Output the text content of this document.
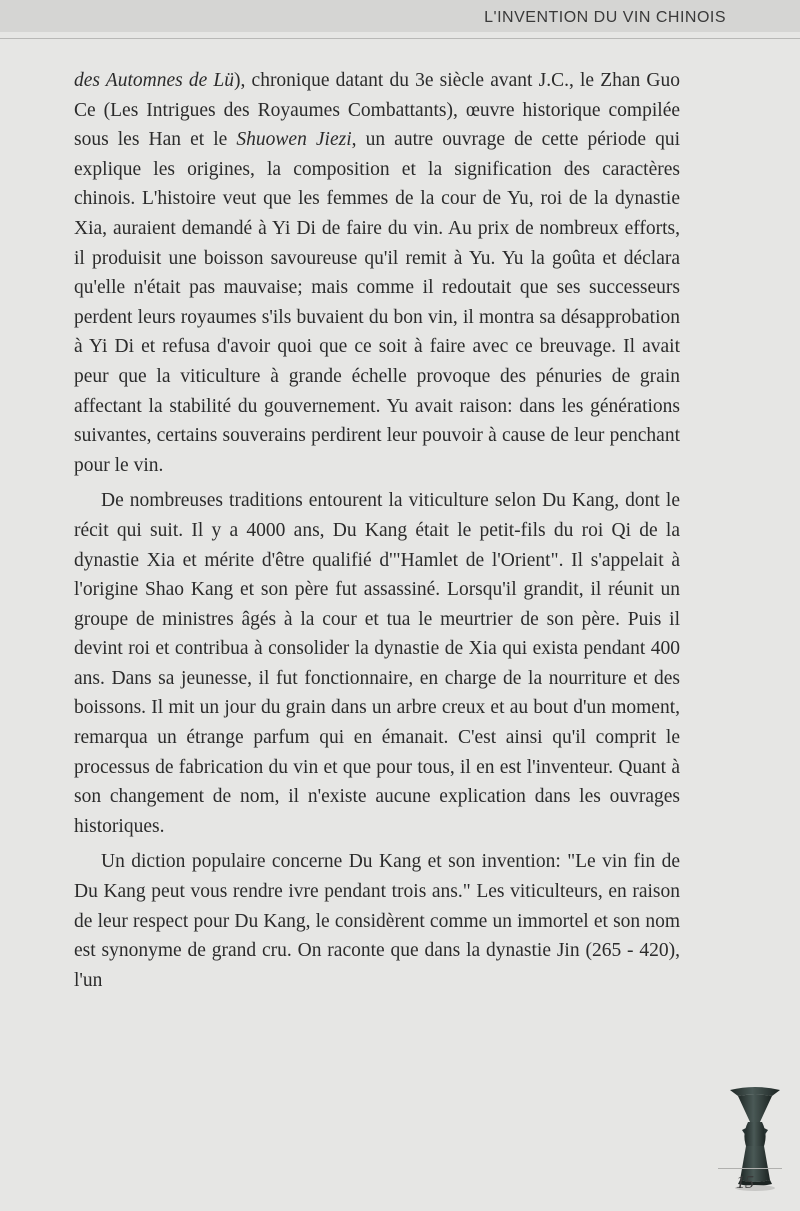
L'INVENTION DU VIN CHINOIS

des Automnes de Lü), chronique datant du 3e siècle avant J.C., le Zhan Guo Ce (Les Intrigues des Royaumes Combattants), œuvre historique compilée sous les Han et le Shuowen Jiezi, un autre ouvrage de cette période qui explique les origines, la composition et la signification des caractères chinois. L'histoire veut que les femmes de la cour de Yu, roi de la dynastie Xia, auraient demandé à Yi Di de faire du vin. Au prix de nombreux efforts, il produisit une boisson savoureuse qu'il remit à Yu. Yu la goûta et déclara qu'elle n'était pas mauvaise; mais comme il redoutait que ses successeurs perdent leurs royaumes s'ils buvaient du bon vin, il montra sa désapprobation à Yi Di et refusa d'avoir quoi que ce soit à faire avec ce breuvage. Il avait peur que la viticulture à grande échelle provoque des pénuries de grain affectant la stabilité du gouvernement. Yu avait raison: dans les générations suivantes, certains souverains perdirent leur pouvoir à cause de leur penchant pour le vin.

De nombreuses traditions entourent la viticulture selon Du Kang, dont le récit qui suit. Il y a 4000 ans, Du Kang était le petit-fils du roi Qi de la dynastie Xia et mérite d'être qualifié d'"Hamlet de l'Orient". Il s'appelait à l'origine Shao Kang et son père fut assassiné. Lorsqu'il grandit, il réunit un groupe de ministres âgés à la cour et tua le meurtrier de son père. Puis il devint roi et contribua à consolider la dynastie de Xia qui exista pendant 400 ans. Dans sa jeunesse, il fut fonctionnaire, en charge de la nourriture et des boissons. Il mit un jour du grain dans un arbre creux et au bout d'un moment, remarqua un étrange parfum qui en émanait. C'est ainsi qu'il comprit le processus de fabrication du vin et que pour tous, il en est l'inventeur. Quant à son changement de nom, il n'existe aucune explication dans les ouvrages historiques.

Un diction populaire concerne Du Kang et son invention: "Le vin fin de Du Kang peut vous rendre ivre pendant trois ans." Les viticulteurs, en raison de leur respect pour Du Kang, le considèrent comme un immortel et son nom est synonyme de grand cru. On raconte que dans la dynastie Jin (265 - 420), l'un

15
